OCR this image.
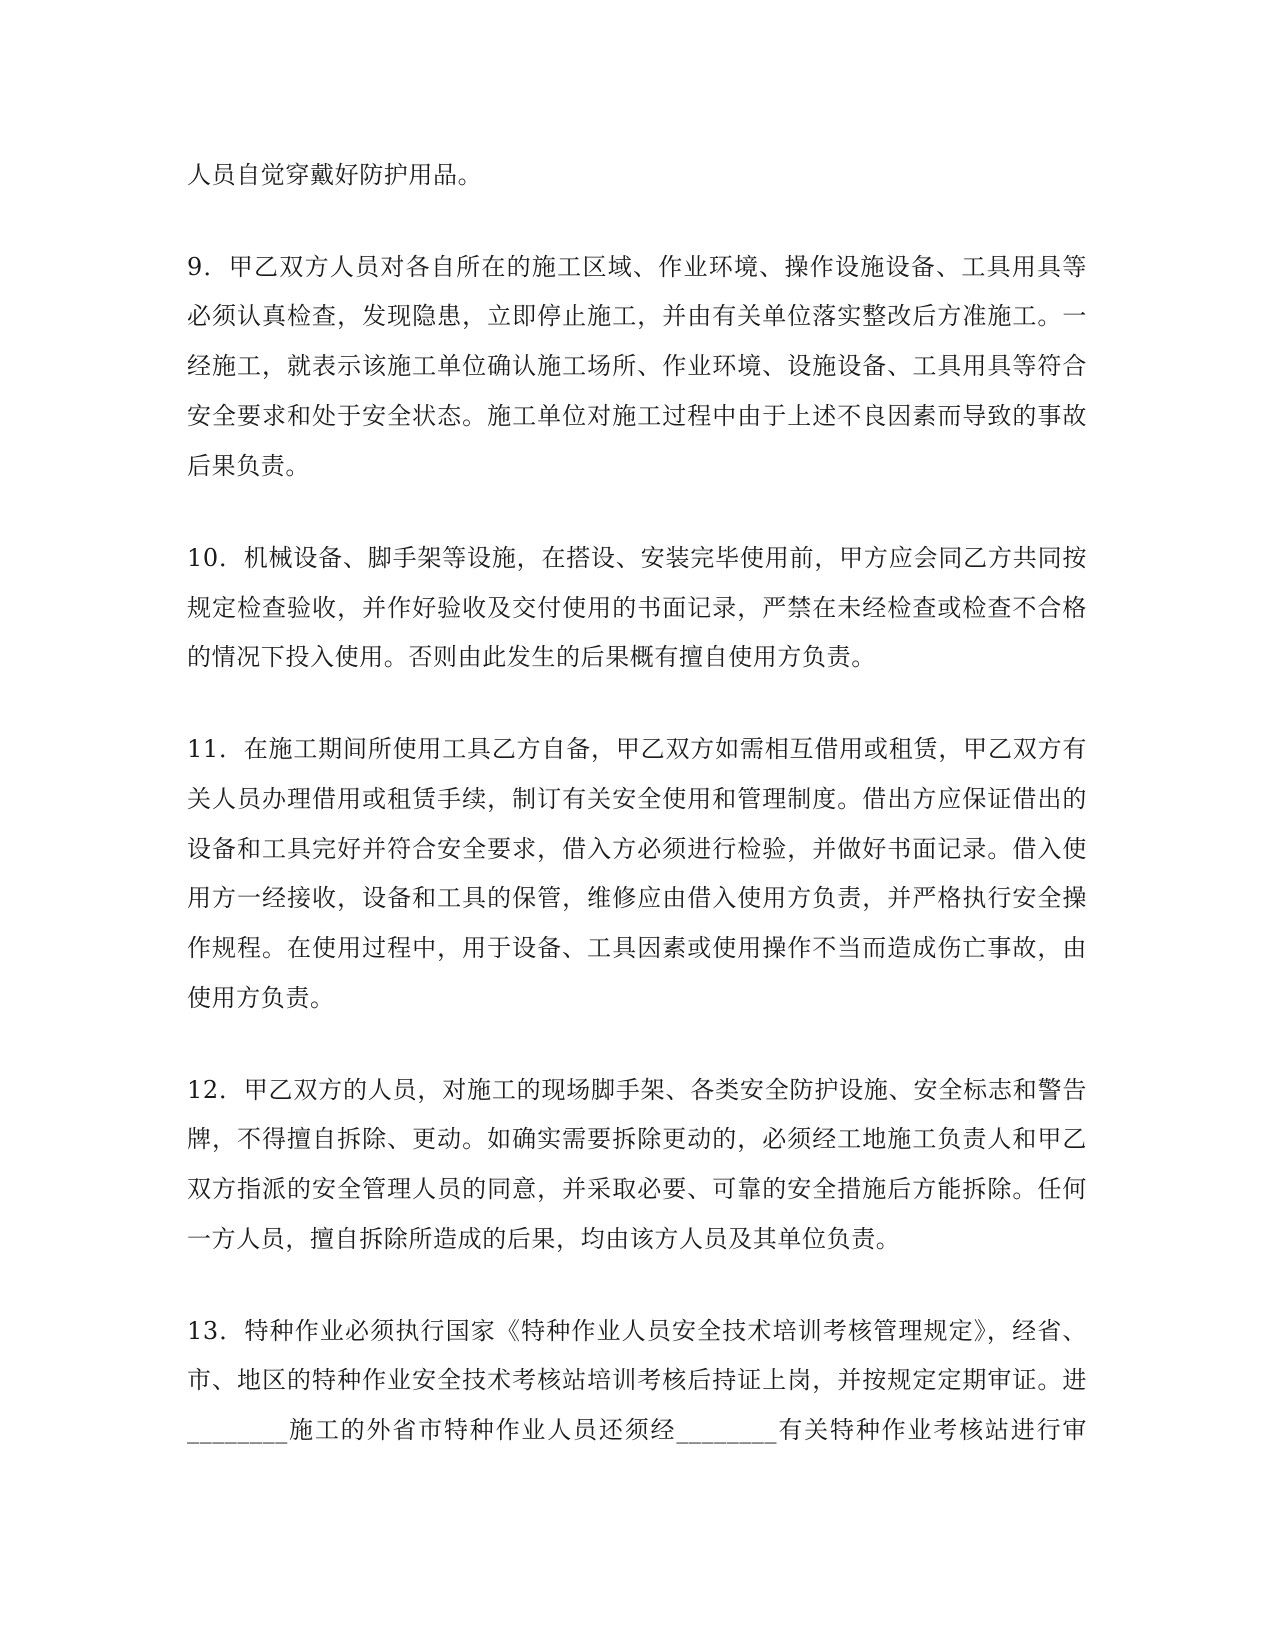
人员自觉穿戴好防护用品。
9．甲乙双方人员对各自所在的施工区域、作业环境、操作设施设备、工具用具等
必须认真检查，发现隐患，立即停止施工，并由有关单位落实整改后方准施工。一
经施工，就表示该施工单位确认施工场所、作业环境、设施设备、工具用具等符合
安全要求和处于安全状态。施工单位对施工过程中由于上述不良因素而导致的事故
后果负责。
10．机械设备、脚手架等设施，在搭设、安装完毕使用前，甲方应会同乙方共同按
规定检查验收，并作好验收及交付使用的书面记录，严禁在未经检查或检查不合格
的情况下投入使用。否则由此发生的后果概有擅自使用方负责。
11．在施工期间所使用工具乙方自备，甲乙双方如需相互借用或租赁，甲乙双方有
关人员办理借用或租赁手续，制订有关安全使用和管理制度。借出方应保证借出的
设备和工具完好并符合安全要求，借入方必须进行检验，并做好书面记录。借入使
用方一经接收，设备和工具的保管，维修应由借入使用方负责，并严格执行安全操
作规程。在使用过程中，用于设备、工具因素或使用操作不当而造成伤亡事故，由
使用方负责。
12．甲乙双方的人员，对施工的现场脚手架、各类安全防护设施、安全标志和警告
牌，不得擅自拆除、更动。如确实需要拆除更动的，必须经工地施工负责人和甲乙
双方指派的安全管理人员的同意，并采取必要、可靠的安全措施后方能拆除。任何
一方人员，擅自拆除所造成的后果，均由该方人员及其单位负责。
13．特种作业必须执行国家《特种作业人员安全技术培训考核管理规定》，经省、
市、地区的特种作业安全技术考核站培训考核后持证上岗，并按规定定期审证。进
________施工的外省市特种作业人员还须经________有关特种作业考核站进行审
